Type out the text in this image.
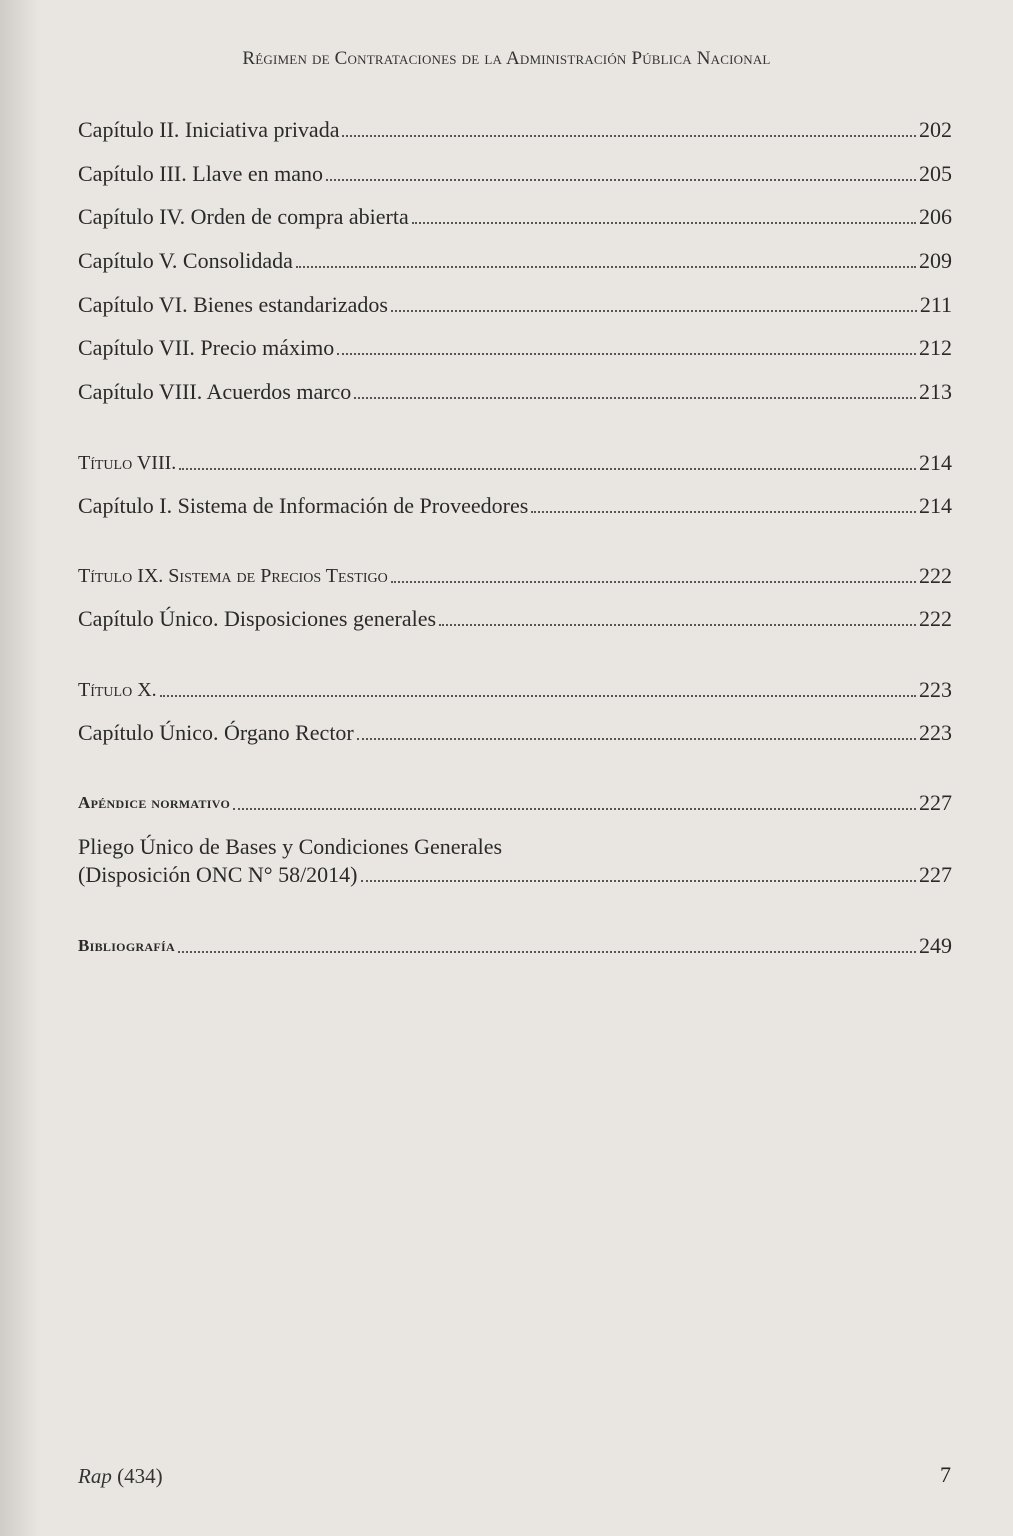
Régimen de Contrataciones de la Administración Pública Nacional
Capítulo II. Iniciativa privada	202
Capítulo III. Llave en mano	205
Capítulo IV. Orden de compra abierta	206
Capítulo V. Consolidada	209
Capítulo VI. Bienes estandarizados	211
Capítulo VII. Precio máximo	212
Capítulo VIII. Acuerdos marco	213
Título VIII.	214
Capítulo I. Sistema de Información de Proveedores	214
Título IX. Sistema de Precios Testigo	222
Capítulo Único. Disposiciones generales	222
Título X.	223
Capítulo Único. Órgano Rector	223
Apéndice normativo	227
Pliego Único de Bases y Condiciones Generales
(Disposición ONC N° 58/2014)	227
Bibliografía	249
Rap (434)	7
